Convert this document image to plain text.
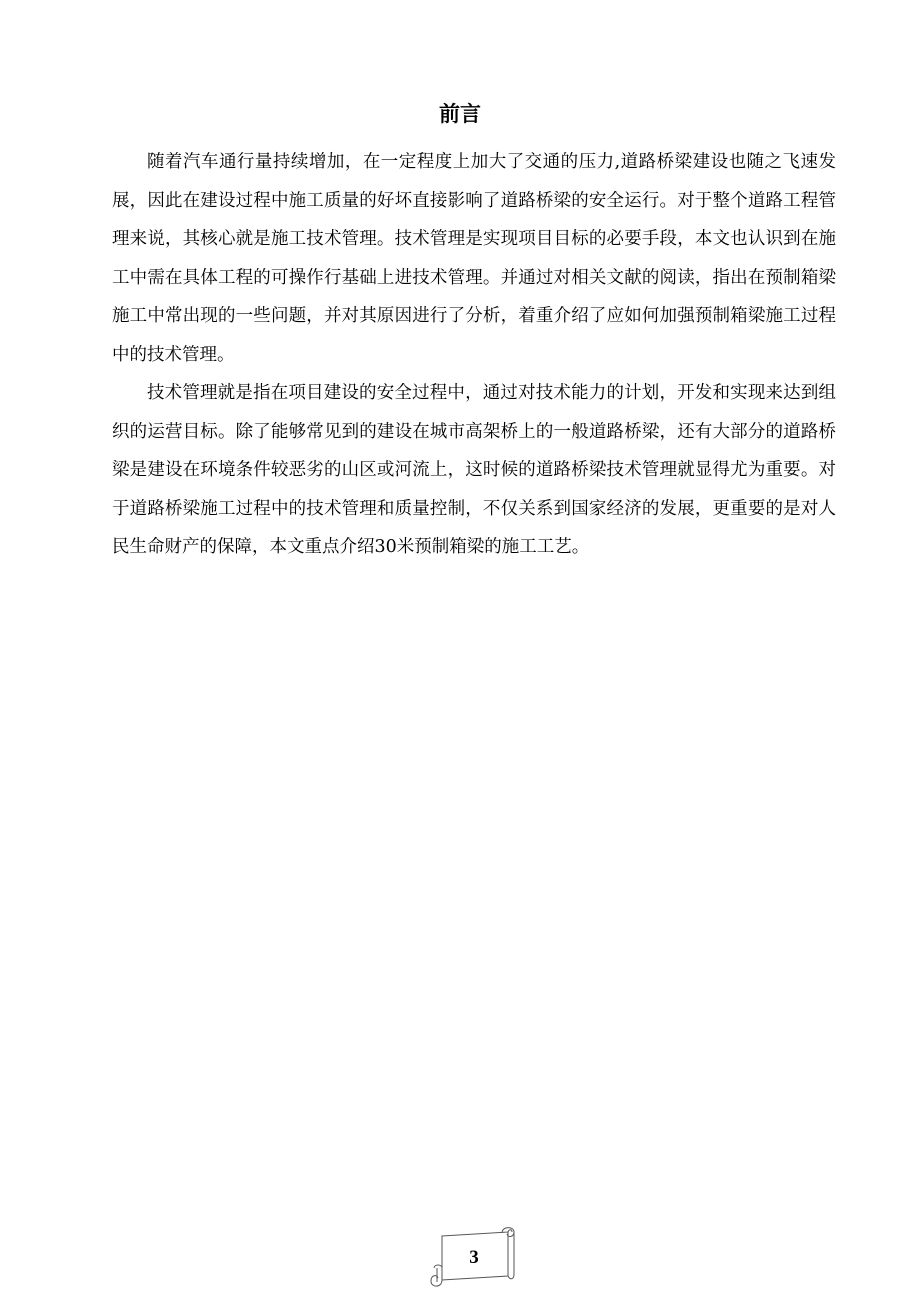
前言

随着汽车通行量持续增加，在一定程度上加大了交通的压力,道路桥梁建设也随之飞速发展，因此在建设过程中施工质量的好坏直接影响了道路桥梁的安全运行。对于整个道路工程管理来说，其核心就是施工技术管理。技术管理是实现项目目标的必要手段，本文也认识到在施工中需在具体工程的可操作行基础上进技术管理。并通过对相关文献的阅读，指出在预制箱梁施工中常出现的一些问题，并对其原因进行了分析，着重介绍了应如何加强预制箱梁施工过程中的技术管理。

技术管理就是指在项目建设的安全过程中，通过对技术能力的计划，开发和实现来达到组织的运营目标。除了能够常见到的建设在城市高架桥上的一般道路桥梁，还有大部分的道路桥梁是建设在环境条件较恶劣的山区或河流上，这时候的道路桥梁技术管理就显得尤为重要。对于道路桥梁施工过程中的技术管理和质量控制，不仅关系到国家经济的发展，更重要的是对人民生命财产的保障，本文重点介绍30米预制箱梁的施工工艺。

3
